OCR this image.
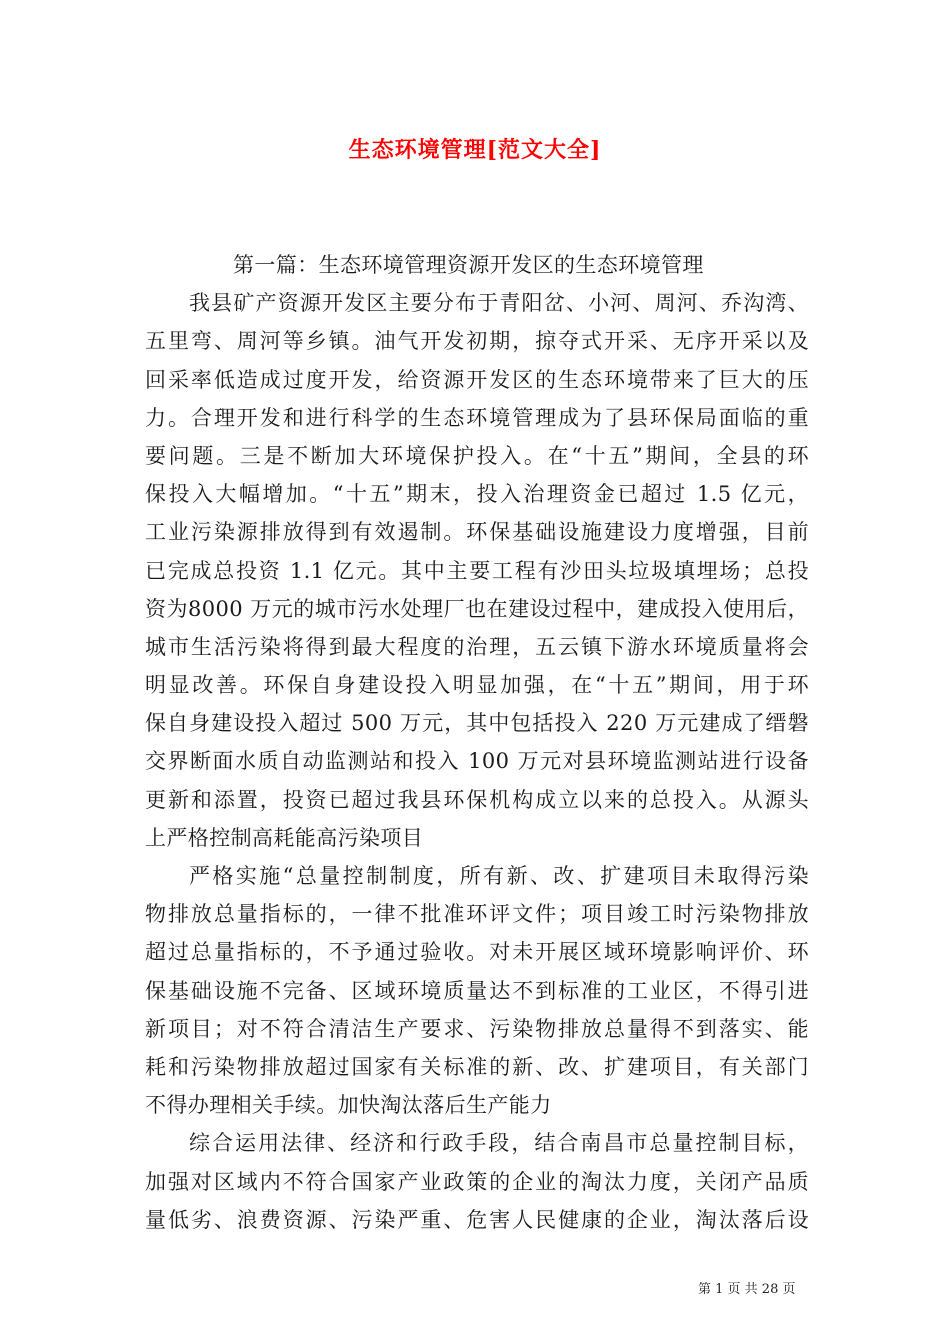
生态环境管理[范文大全]
第一篇：生态环境管理资源开发区的生态环境管理
我县矿产资源开发区主要分布于青阳岔、小河、周河、乔沟湾、
五里弯、周河等乡镇。油气开发初期，掠夺式开采、无序开采以及
回采率低造成过度开发，给资源开发区的生态环境带来了巨大的压
力。合理开发和进行科学的生态环境管理成为了县环保局面临的重
要问题。三是不断加大环境保护投入。在“十五”期间，全县的环
保投入大幅增加。“十五”期末，投入治理资金已超过 1.5 亿元，
工业污染源排放得到有效遏制。环保基础设施建设力度增强，目前
已完成总投资 1.1 亿元。其中主要工程有沙田头垃圾填埋场；总投
资为8000 万元的城市污水处理厂也在建设过程中，建成投入使用后，
城市生活污染将得到最大程度的治理，五云镇下游水环境质量将会
明显改善。环保自身建设投入明显加强，在“十五”期间，用于环
保自身建设投入超过 500 万元，其中包括投入 220 万元建成了缙磐
交界断面水质自动监测站和投入 100 万元对县环境监测站进行设备
更新和添置，投资已超过我县环保机构成立以来的总投入。从源头
上严格控制高耗能高污染项目
严格实施“总量控制制度，所有新、改、扩建项目未取得污染
物排放总量指标的，一律不批准环评文件；项目竣工时污染物排放
超过总量指标的，不予通过验收。对未开展区域环境影响评价、环
保基础设施不完备、区域环境质量达不到标准的工业区，不得引进
新项目；对不符合清洁生产要求、污染物排放总量得不到落实、能
耗和污染物排放超过国家有关标准的新、改、扩建项目，有关部门
不得办理相关手续。加快淘汰落后生产能力
综合运用法律、经济和行政手段，结合南昌市总量控制目标，
加强对区域内不符合国家产业政策的企业的淘汰力度，关闭产品质
量低劣、浪费资源、污染严重、危害人民健康的企业，淘汰落后设
第 1 页 共 28 页
